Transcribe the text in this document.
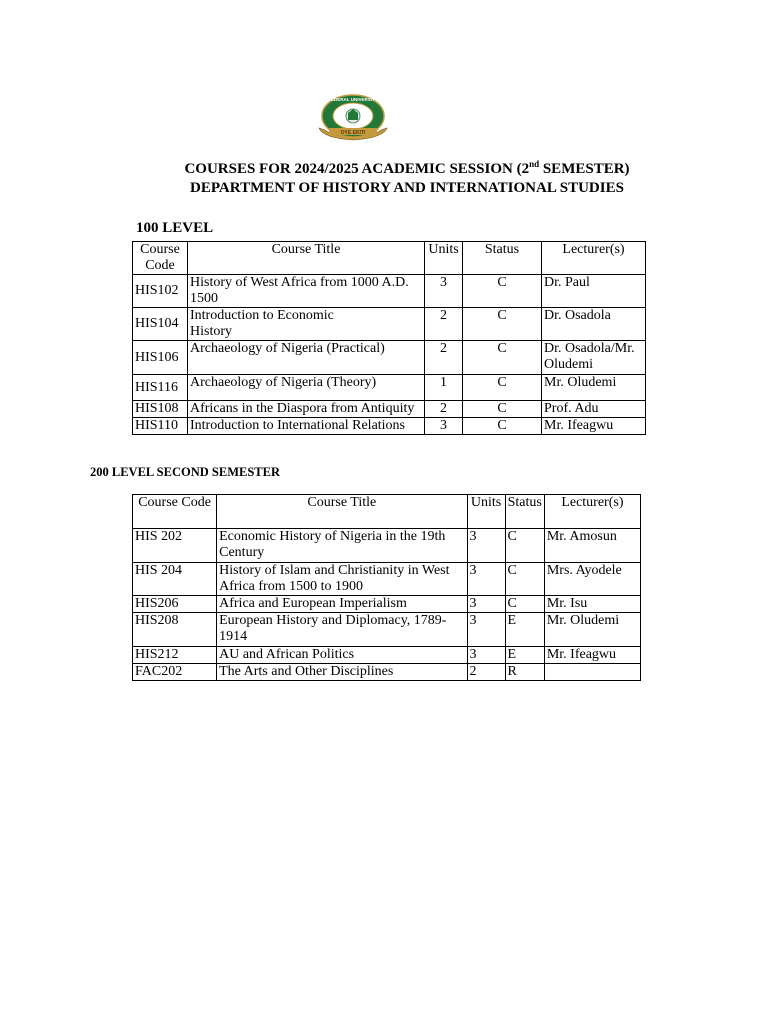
OYE EKITI
FEDERAL UNIVERSITY
COURSES FOR 2024/2025 ACADEMIC SESSION (2nd SEMESTER)
DEPARTMENT OF HISTORY AND INTERNATIONAL STUDIES
100 LEVEL
Course Code	Course Title	Units	Status	Lecturer(s)
HIS102	History of West Africa from 1000 A.D. 1500	3	C	Dr. Paul
HIS104	Introduction to Economic History	2	C	Dr. Osadola
HIS106	Archaeology of Nigeria (Practical)	2	C	Dr. Osadola/Mr. Oludemi
HIS116	Archaeology of Nigeria (Theory)	1	C	Mr. Oludemi
HIS108	Africans in the Diaspora from Antiquity	2	C	Prof. Adu
HIS110	Introduction to International Relations	3	C	Mr. Ifeagwu
200 LEVEL SECOND SEMESTER
Course Code	Course Title	Units	Status	Lecturer(s)
HIS 202	Economic History of Nigeria in the 19th Century	3	C	Mr. Amosun
HIS 204	History of Islam and Christianity in West Africa from 1500 to 1900	3	C	Mrs. Ayodele
HIS206	Africa and European Imperialism	3	C	Mr. Isu
HIS208	European History and Diplomacy, 1789-1914	3	E	Mr. Oludemi
HIS212	AU and African Politics	3	E	Mr. Ifeagwu
FAC202	The Arts and Other Disciplines	2	R	
